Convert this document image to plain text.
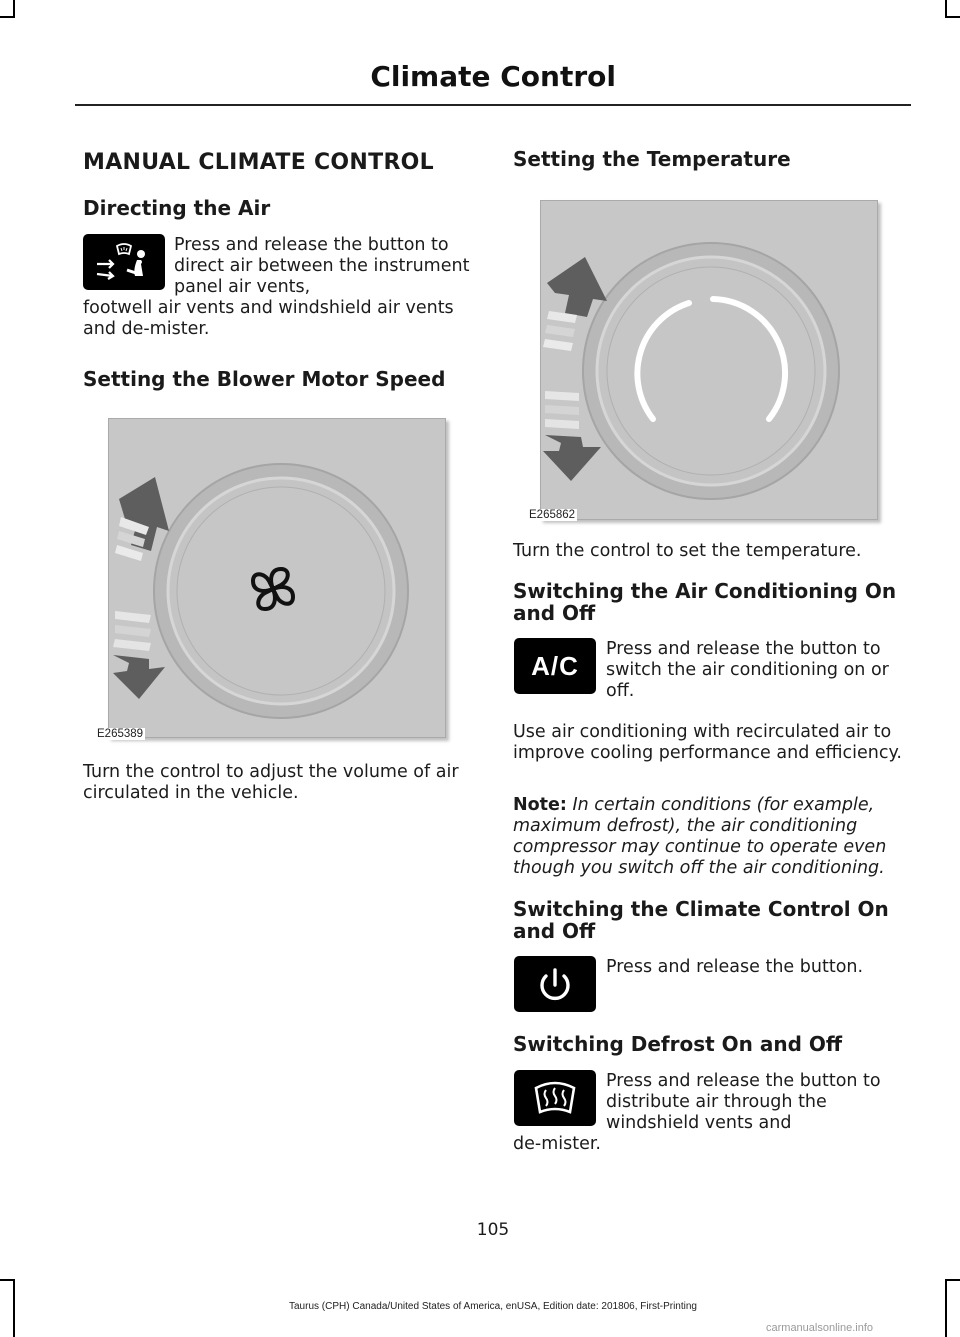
Climate Control
MANUAL CLIMATE CONTROL
Directing the Air
Press and release the button to direct air between the instrument panel air vents,
footwell air vents and windshield air vents and de-mister.
Setting the Blower Motor Speed
E265389
Turn the control to adjust the volume of air circulated in the vehicle.
Setting the Temperature
E265862
Turn the control to set the temperature.
Switching the Air Conditioning On and Off
A/C
Press and release the button to switch the air conditioning on or off.
Use air conditioning with recirculated air to improve cooling performance and efficiency.
Note: In certain conditions (for example, maximum defrost), the air conditioning compressor may continue to operate even though you switch off the air conditioning.
Switching the Climate Control On and Off
Press and release the button.
Switching Defrost On and Off
Press and release the button to distribute air through the windshield vents and
de-mister.
105
Taurus (CPH) Canada/United States of America, enUSA, Edition date: 201806, First-Printing
carmanualsonline.info
